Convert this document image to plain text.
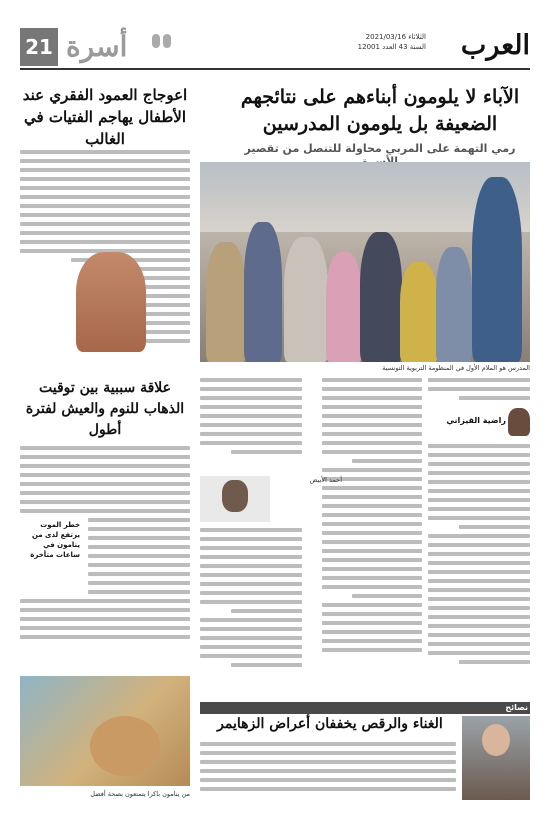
21 أسرة	العرب
الثلاثاء 2021/03/16
السنة 43 العدد 12001
الآباء لا يلومون أبناءهم على نتائجهم الضعيفة بل يلومون المدرسين
رمي التهمة على المربي محاولة للتنصل من تقصير
المدرس هو الملام الأول في المنظومة التربوية التونسية
راضية القيزاني
أحمد الأبيض
اعوجاج العمود الفقري عند الأطفال يهاجم الفتيات في الغالب
علاقة سببية بين توقيت الذهاب للنوم والعيش لفترة أطول
خطر الموت يرتفع لدى من ينامون في ساعات متأخرة
من ينامون باكرا يتمتعون بصحة أفضل
نصائح
الغناء والرقص يخففان أعراض الزهايمر
